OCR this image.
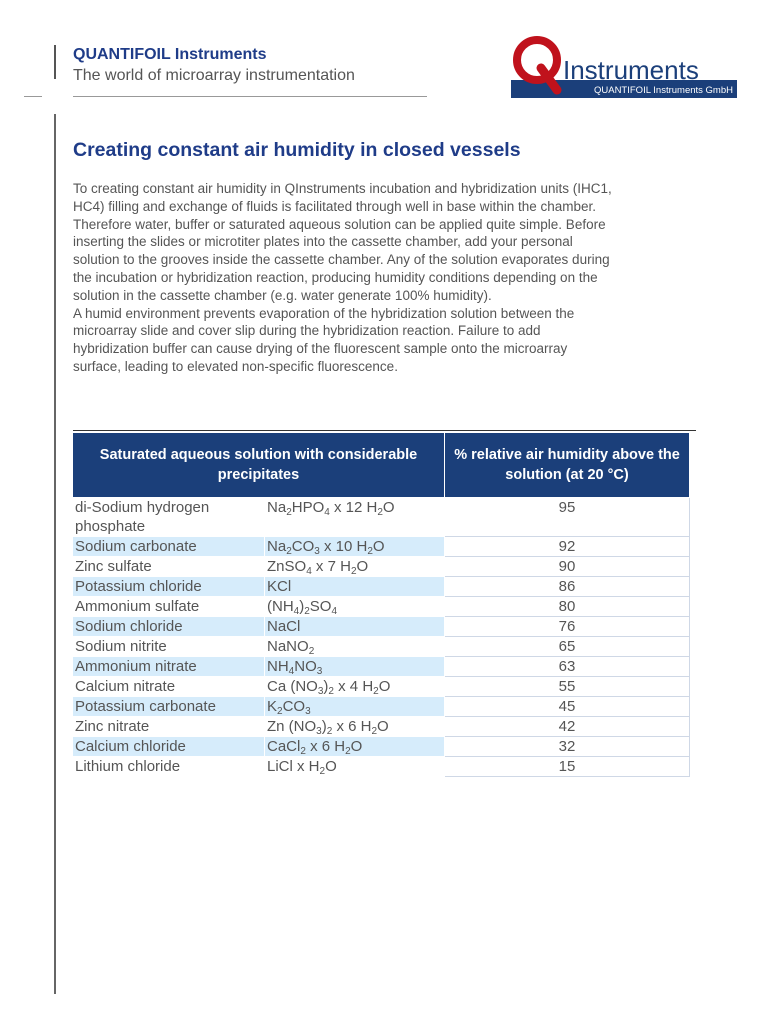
QUANTIFOIL Instruments
The world of microarray instrumentation	Instruments
QUANTIFOIL Instruments GmbH
Creating constant air humidity in closed vessels
To creating constant air humidity in QInstruments incubation and hybridization units (IHC1,
HC4) filling and exchange of fluids is facilitated through well in base within the chamber.
Therefore water, buffer or saturated aqueous solution can be applied quite simple. Before
inserting the slides or microtiter plates into the cassette chamber, add your personal
solution to the grooves inside the cassette chamber. Any of the solution evaporates during
the incubation or hybridization reaction, producing humidity conditions depending on the
solution in the cassette chamber (e.g. water generate 100% humidity).
A humid environment prevents evaporation of the hybridization solution between the
microarray slide and cover slip during the hybridization reaction. Failure to add
hybridization buffer can cause drying of the fluorescent sample onto the microarray
surface, leading to elevated non-specific fluorescence.
Saturated aqueous solution with considerable precipitates		% relative air humidity above the solution (at 20 °C)
di-Sodium hydrogen phosphate	$Na_2HPO_4$ x 12 $H_2O$	95
Sodium carbonate	$Na_2CO_3$ x 10 $H_2O$	92
Zinc sulfate	ZnSO$_4$ x 7 $H_2O$	90
Potassium chloride	KCl	86
Ammonium sulfate	$(NH_4)_2SO_4$	80
Sodium chloride	NaCl	76
Sodium nitrite	NaNO$_2$	65
Ammonium nitrate	$NH_4NO_3$	63
Calcium nitrate	Ca $(NO_3)_2$ x 4 $H_2O$	55
Potassium carbonate	$K_2CO_3$	45
Zinc nitrate	Zn $(NO_3)_2$ x 6 $H_2O$	42
Calcium chloride	CaCl$_2$ x 6 $H_2O$	32
Lithium chloride	LiCl x $H_2O$	15
